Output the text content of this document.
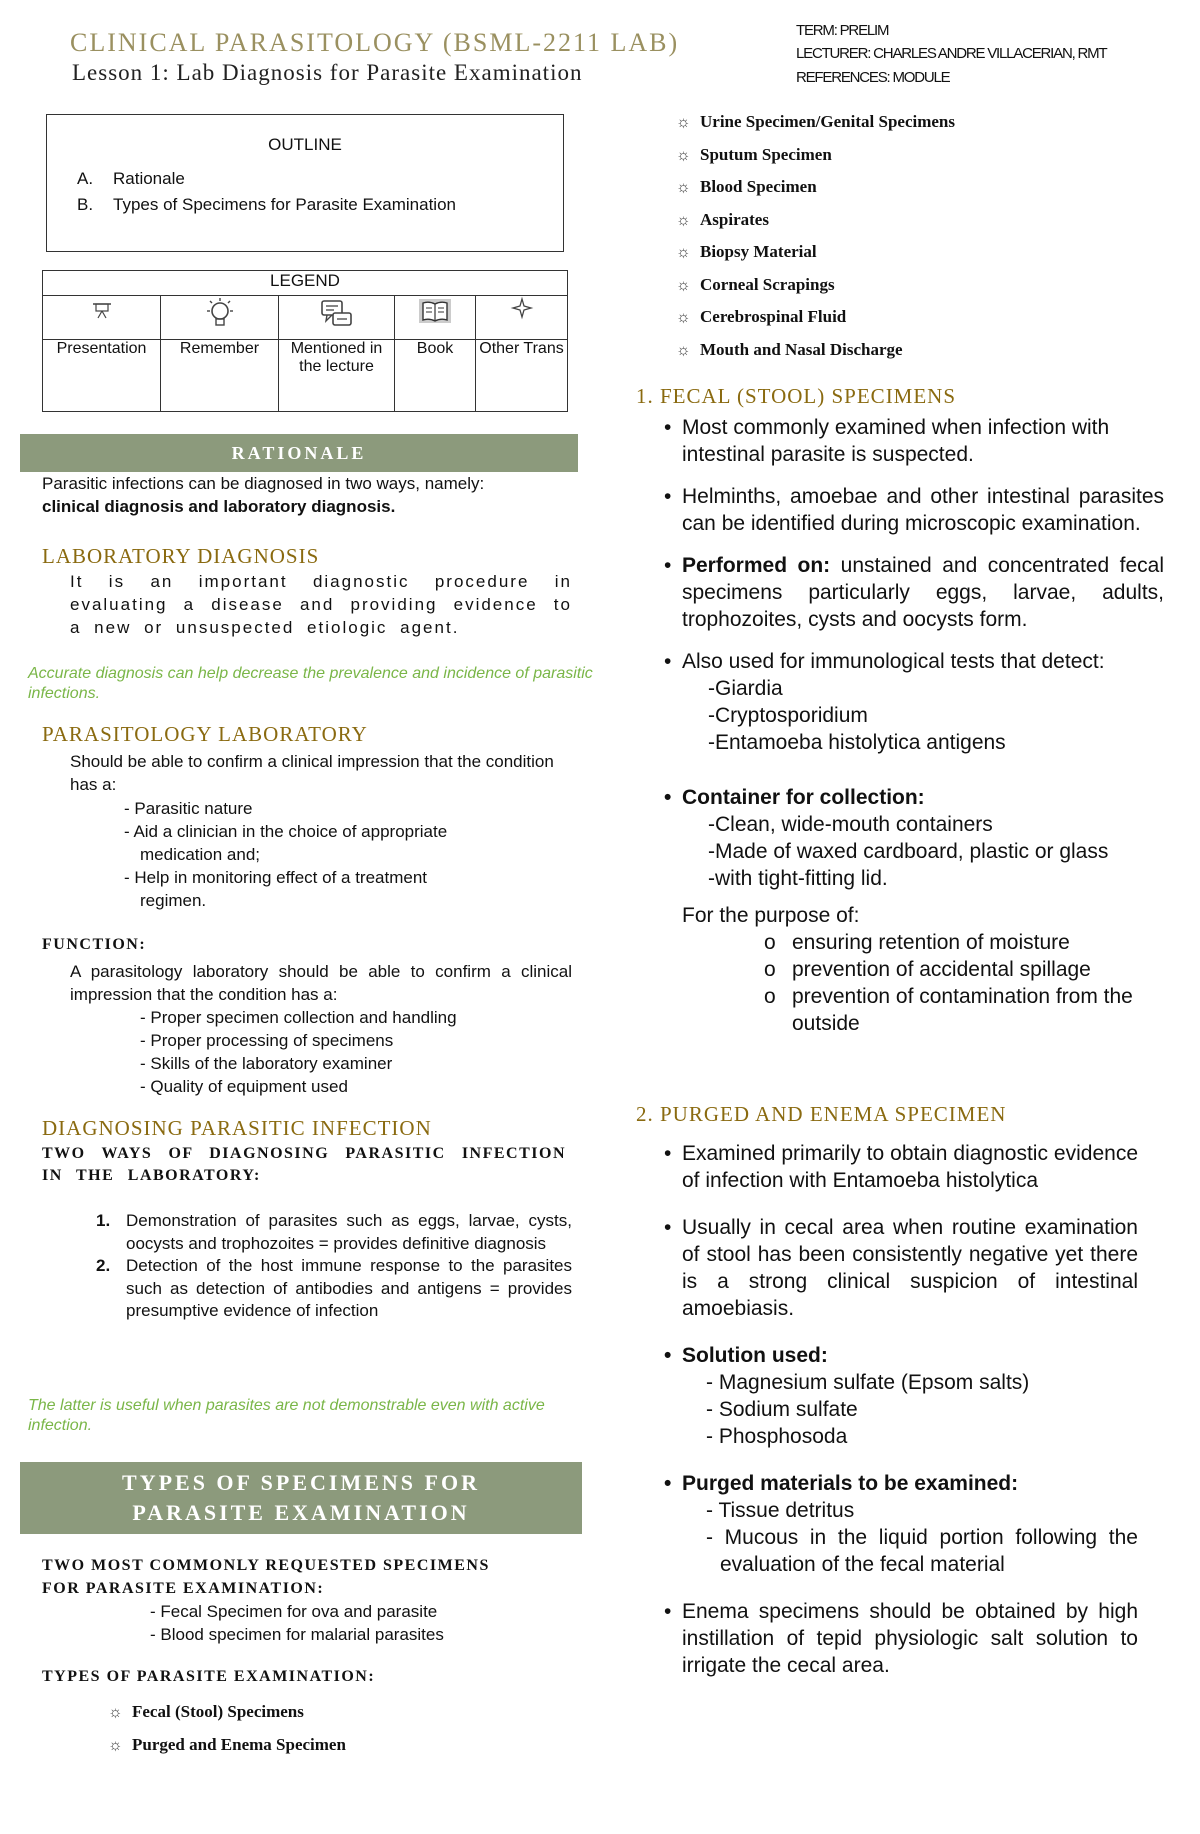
CLINICAL PARASITOLOGY (BSML-2211 LAB)
Lesson 1: Lab Diagnosis for Parasite Examination
TERM: PRELIM
LECTURER: CHARLES ANDRE VILLACERIAN, RMT
REFERENCES: MODULE
OUTLINE
A. Rationale
B. Types of Specimens for Parasite Examination
LEGEND				

Presentation	Remember	Mentioned in the lecture	Book	Other Trans
RATIONALE
Parasitic infections can be diagnosed in two ways, namely:
clinical diagnosis and laboratory diagnosis.
LABORATORY DIAGNOSIS
It is an important diagnostic procedure in evaluating a disease and providing evidence to a new or unsuspected etiologic agent.
Accurate diagnosis can help decrease the prevalence and incidence of parasitic infections.
PARASITOLOGY LABORATORY
Should be able to confirm a clinical impression that the condition has a:
- Parasitic nature
- Aid a clinician in the choice of appropriate
medication and;
- Help in monitoring effect of a treatment
regimen.
FUNCTION:
A parasitology laboratory should be able to confirm a clinical impression that the condition has a:
- Proper specimen collection and handling
- Proper processing of specimens
- Skills of the laboratory examiner
- Quality of equipment used
DIAGNOSING PARASITIC INFECTION
TWO WAYS OF DIAGNOSING PARASITIC INFECTION IN THE LABORATORY:
1. Demonstration of parasites such as eggs, larvae, cysts, oocysts and trophozoites = provides definitive diagnosis
2. Detection of the host immune response to the parasites such as detection of antibodies and antigens = provides presumptive evidence of infection
The latter is useful when parasites are not demonstrable even with active infection.
TYPES OF SPECIMENS FOR
PARASITE EXAMINATION
TWO MOST COMMONLY REQUESTED SPECIMENS
FOR PARASITE EXAMINATION:
- Fecal Specimen for ova and parasite
- Blood specimen for malarial parasites
TYPES OF PARASITE EXAMINATION:
☼ Fecal (Stool) Specimens
☼ Purged and Enema Specimen
☼ Urine Specimen/Genital Specimens
☼ Sputum Specimen
☼ Blood Specimen
☼ Aspirates
☼ Biopsy Material
☼ Corneal Scrapings
☼ Cerebrospinal Fluid
☼ Mouth and Nasal Discharge
1. FECAL (STOOL) SPECIMENS
• Most commonly examined when infection with intestinal parasite is suspected.
• Helminths, amoebae and other intestinal parasites can be identified during microscopic examination.
• Performed on: unstained and concentrated fecal specimens particularly eggs, larvae, adults, trophozoites, cysts and oocysts form.
• Also used for immunological tests that detect:
-Giardia
-Cryptosporidium
-Entamoeba histolytica antigens
• Container for collection:
-Clean, wide-mouth containers
-Made of waxed cardboard, plastic or glass
-with tight-fitting lid.
For the purpose of:
o ensuring retention of moisture
o prevention of accidental spillage
o prevention of contamination from the outside
2. PURGED AND ENEMA SPECIMEN
• Examined primarily to obtain diagnostic evidence of infection with Entamoeba histolytica
• Usually in cecal area when routine examination of stool has been consistently negative yet there is a strong clinical suspicion of intestinal amoebiasis.
• Solution used:
- Magnesium sulfate (Epsom salts)
- Sodium sulfate
- Phosphosoda
• Purged materials to be examined:
- Tissue detritus
- Mucous in the liquid portion following the evaluation of the fecal material
• Enema specimens should be obtained by high instillation of tepid physiologic salt solution to irrigate the cecal area.
